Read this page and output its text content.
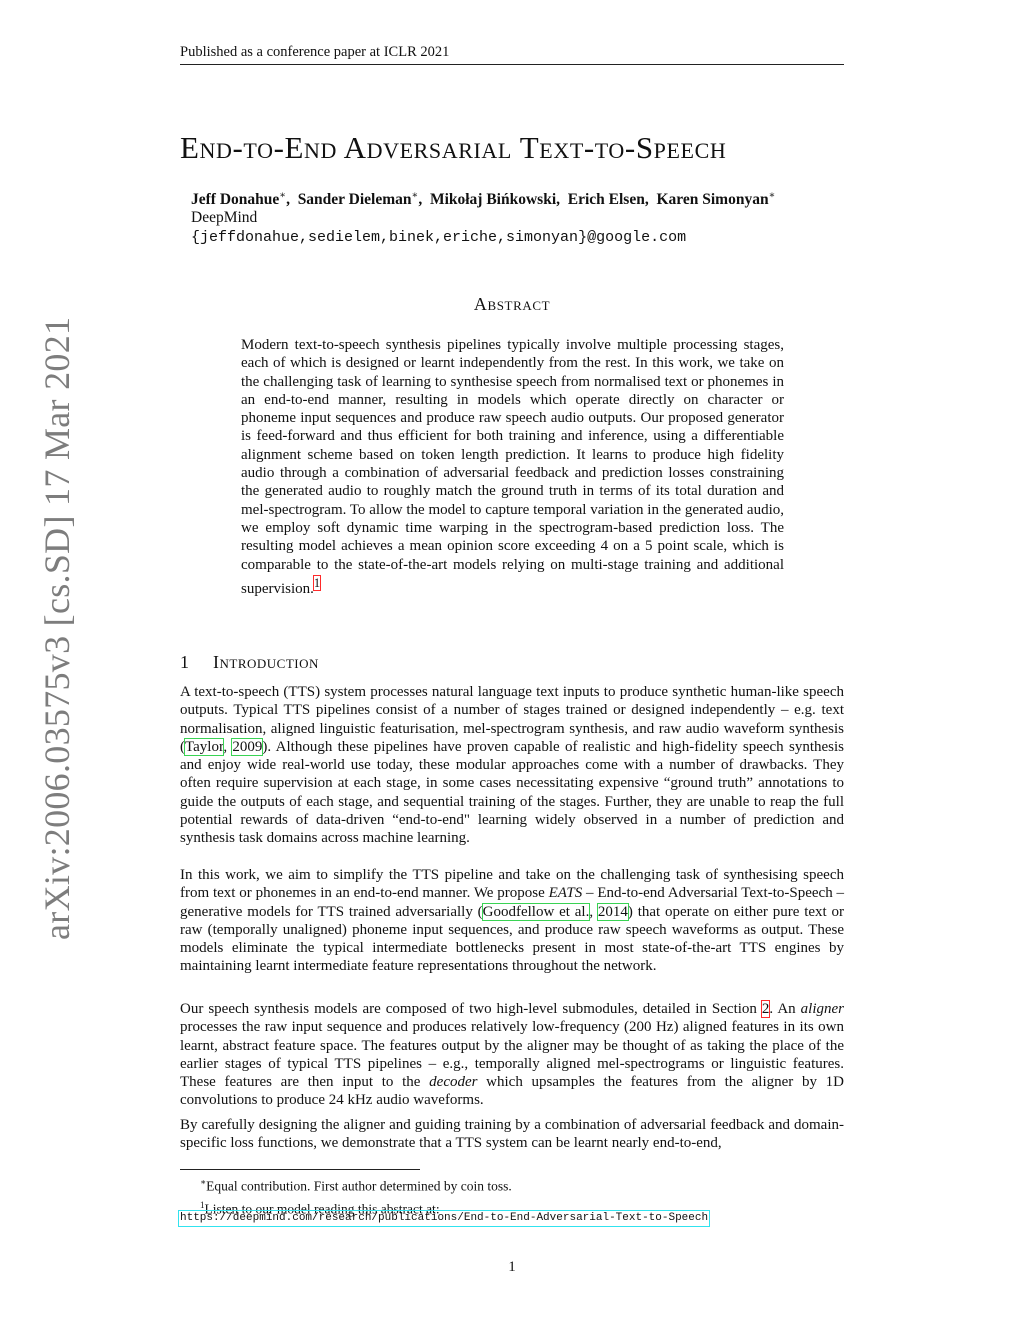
Published as a conference paper at ICLR 2021
arXiv:2006.03575v3 [cs.SD] 17 Mar 2021
End-to-End Adversarial Text-to-Speech
Jeff Donahue∗,  Sander Dieleman∗,  Mikołaj Bińkowski,  Erich Elsen,  Karen Simonyan∗
DeepMind
{jeffdonahue,sedielem,binek,eriche,simonyan}@google.com
Abstract
Modern text-to-speech synthesis pipelines typically involve multiple processing stages, each of which is designed or learnt independently from the rest. In this work, we take on the challenging task of learning to synthesise speech from normalised text or phonemes in an end-to-end manner, resulting in models which operate directly on character or phoneme input sequences and produce raw speech audio outputs. Our proposed generator is feed-forward and thus efficient for both training and inference, using a differentiable alignment scheme based on token length prediction. It learns to produce high fidelity audio through a combination of adversarial feedback and prediction losses constraining the generated audio to roughly match the ground truth in terms of its total duration and mel-spectrogram. To allow the model to capture temporal variation in the generated audio, we employ soft dynamic time warping in the spectrogram-based prediction loss. The resulting model achieves a mean opinion score exceeding 4 on a 5 point scale, which is comparable to the state-of-the-art models relying on multi-stage training and additional supervision.$^1$
1 Introduction
A text-to-speech (TTS) system processes natural language text inputs to produce synthetic human-like speech outputs. Typical TTS pipelines consist of a number of stages trained or designed independently – e.g. text normalisation, aligned linguistic featurisation, mel-spectrogram synthesis, and raw audio waveform synthesis (Taylor, 2009). Although these pipelines have proven capable of realistic and high-fidelity speech synthesis and enjoy wide real-world use today, these modular approaches come with a number of drawbacks. They often require supervision at each stage, in some cases necessitating expensive “ground truth” annotations to guide the outputs of each stage, and sequential training of the stages. Further, they are unable to reap the full potential rewards of data-driven “end-to-end" learning widely observed in a number of prediction and synthesis task domains across machine learning.
In this work, we aim to simplify the TTS pipeline and take on the challenging task of synthesising speech from text or phonemes in an end-to-end manner. We propose EATS – End-to-end Adversarial Text-to-Speech – generative models for TTS trained adversarially (Goodfellow et al., 2014) that operate on either pure text or raw (temporally unaligned) phoneme input sequences, and produce raw speech waveforms as output. These models eliminate the typical intermediate bottlenecks present in most state-of-the-art TTS engines by maintaining learnt intermediate feature representations throughout the network.
Our speech synthesis models are composed of two high-level submodules, detailed in Section 2. An aligner processes the raw input sequence and produces relatively low-frequency (200 Hz) aligned features in its own learnt, abstract feature space. The features output by the aligner may be thought of as taking the place of the earlier stages of typical TTS pipelines – e.g., temporally aligned mel-spectrograms or linguistic features. These features are then input to the decoder which upsamples the features from the aligner by 1D convolutions to produce 24 kHz audio waveforms.
By carefully designing the aligner and guiding training by a combination of adversarial feedback and domain-specific loss functions, we demonstrate that a TTS system can be learnt nearly end-to-end,
∗Equal contribution. First author determined by coin toss.
$^1$Listen to our model reading this abstract at:
https://deepmind.com/research/publications/End-to-End-Adversarial-Text-to-Speech
1
